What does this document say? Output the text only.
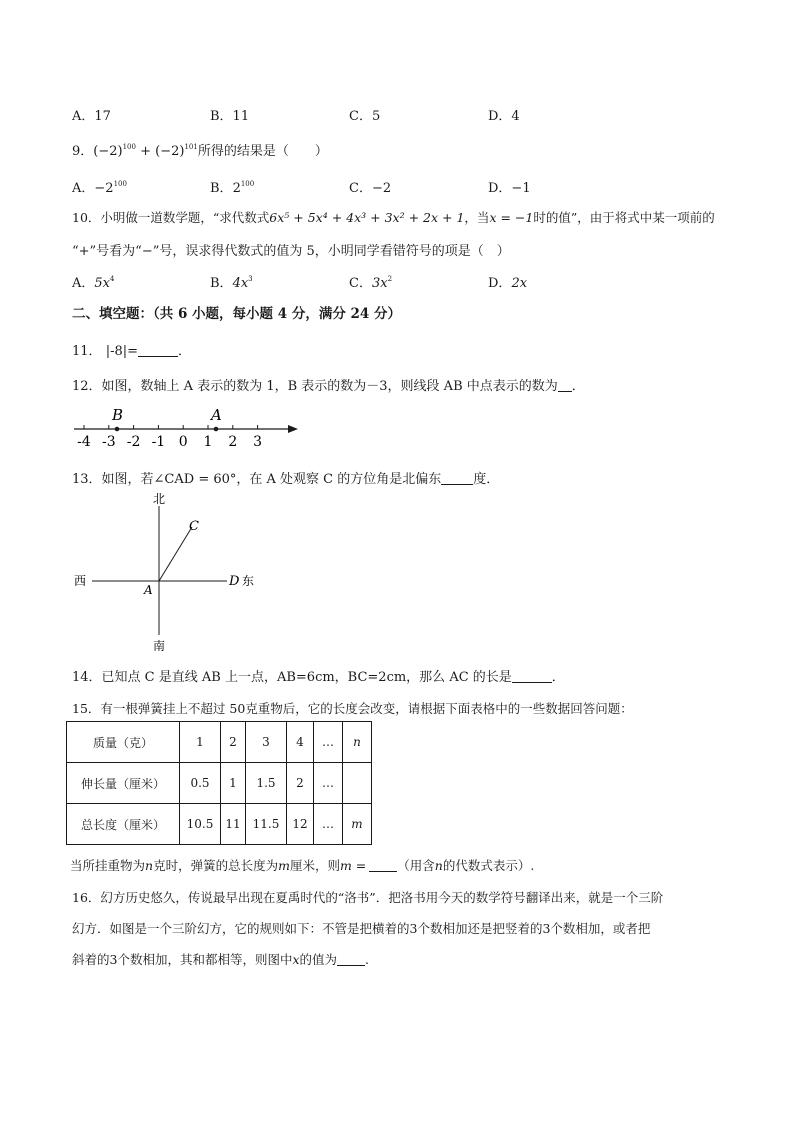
A．17	B．11	C．5	D．4
9．$(-2)^{100} + (-2)^{101}$所得的结果是（　　）
A．$-2^{100}$	B．$2^{100}$	C．−2	D．−1
10．小明做一道数学题，“求代数式6x⁵ + 5x⁴ + 4x³ + 3x² + 2x + 1，当x = −1时的值”，由于将式中某一项前的
“+”号看为“−”号，误求得代数式的值为 5，小明同学看错符号的项是（　）
A．$5x^4$	B．$4x^3$	C．$3x^2$	D．2x
二、填空题：（共 6 小题，每小题 4 分，满分 24 分）
11． |-8|=	．
12．如图，数轴上 A 表示的数为 1，B 表示的数为－3，则线段 AB 中点表示的数为 ．
-4 -3 -2 -1 0 1 2 3
B	A
13．如图，若∠CAD = 60°，在 A 处观察 C 的方位角是北偏东 度．
北
南
西	东
C
A
D
14．已知点 C 是直线 AB 上一点，AB=6cm，BC=2cm，那么 AC 的长是	．
15．有一根弹簧挂上不超过 50克重物后，它的长度会改变，请根据下面表格中的一些数据回答问题：
质量（克）	1	2	3	4	…	n
伸长量（厘米）	0.5	1	1.5	2	…	
总长度（厘米）	10.5	11	11.5	12	…	m
当所挂重物为n克时，弹簧的总长度为m厘米，则m = （用含n的代数式表示）.
16．幻方历史悠久，传说最早出现在夏禹时代的“洛书”．把洛书用今天的数学符号翻译出来，就是一个三阶
幻方．如图是一个三阶幻方，它的规则如下：不管是把横着的3个数相加还是把竖着的3个数相加，或者把
斜着的3个数相加，其和都相等，则图中x的值为 .
